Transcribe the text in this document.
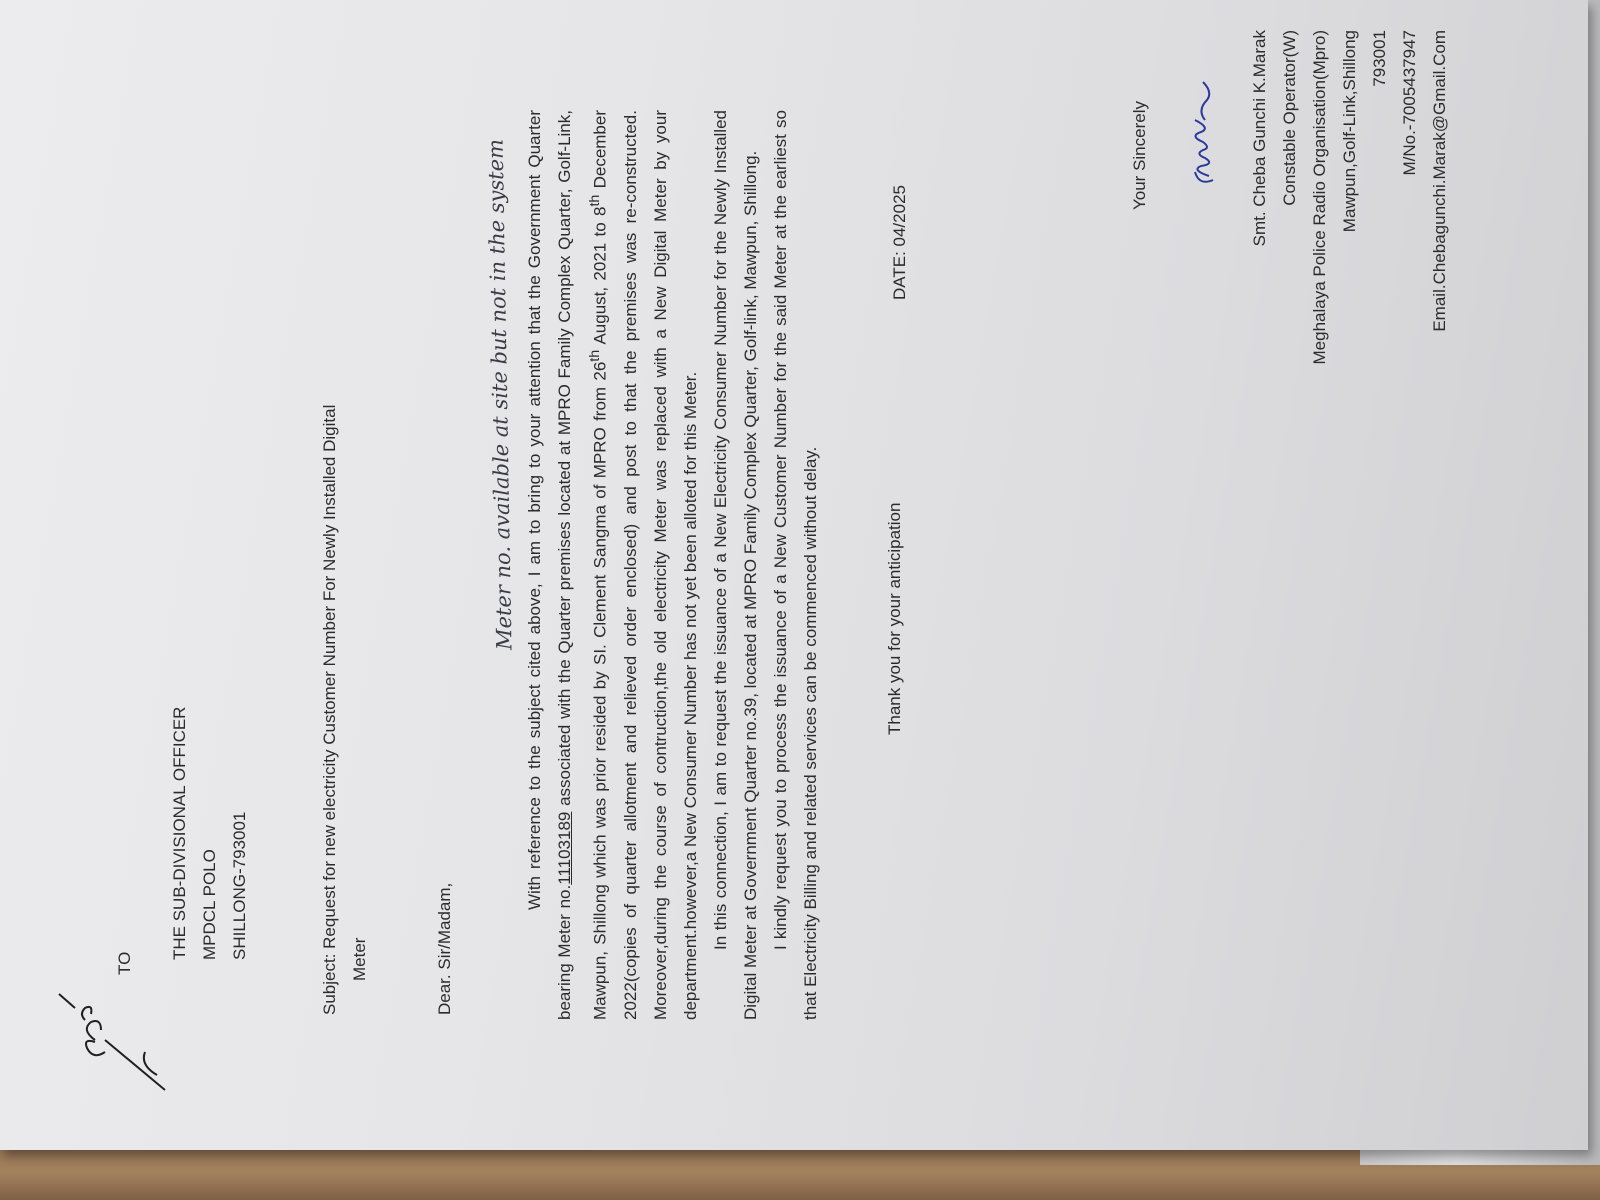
TO
THE SUB-DIVISIONAL OFFICER MPDCL POLO SHILLONG-793001
DATE: 04/2025
Subject: Request for new electricity Customer Number For Newly Installed Digital Meter	Dear. Sir/Madam,
Meter no. available at site but not in the system With reference to the subject cited above, I am to bring to your attention that the Government Quarter bearing Meter no.11103189 associated with the Quarter premises located at MPRO Family Complex Quarter, Golf-Link, Mawpun, Shillong which was prior resided by SI. Clement Sangma of MPRO from 26th August, 2021 to 8th December 2022(copies of quarter allotment and relieved order enclosed) and post to that the premises was re-constructed. Moreover,during the course of contruction,the old electricity Meter was replaced with a New Digital Meter by your department.however,a New Consumer Number has not yet been alloted for this Meter. In this connection, I am to request the issuance of a New Electricity Consumer Number for the Newly Installed Digital Meter at Government Quarter no.39, located at MPRO Family Complex Quarter, Golf-link, Mawpun, Shillong. I kindly request you to process the issuance of a New Customer Number for the said Meter at the earliest so that Electricity Billing and related services can be commenced without delay.	Thank you for your anticipation
Your Sincerely	Smt. Cheba Gunchi K.Marak Constable Operator(W) Meghalaya Police Radio Organisation(Mpro) Mawpun,Golf-Link,Shillong 793001 M/No.-7005437947 Email.Chebagunchi.Marak@Gmail.Com
